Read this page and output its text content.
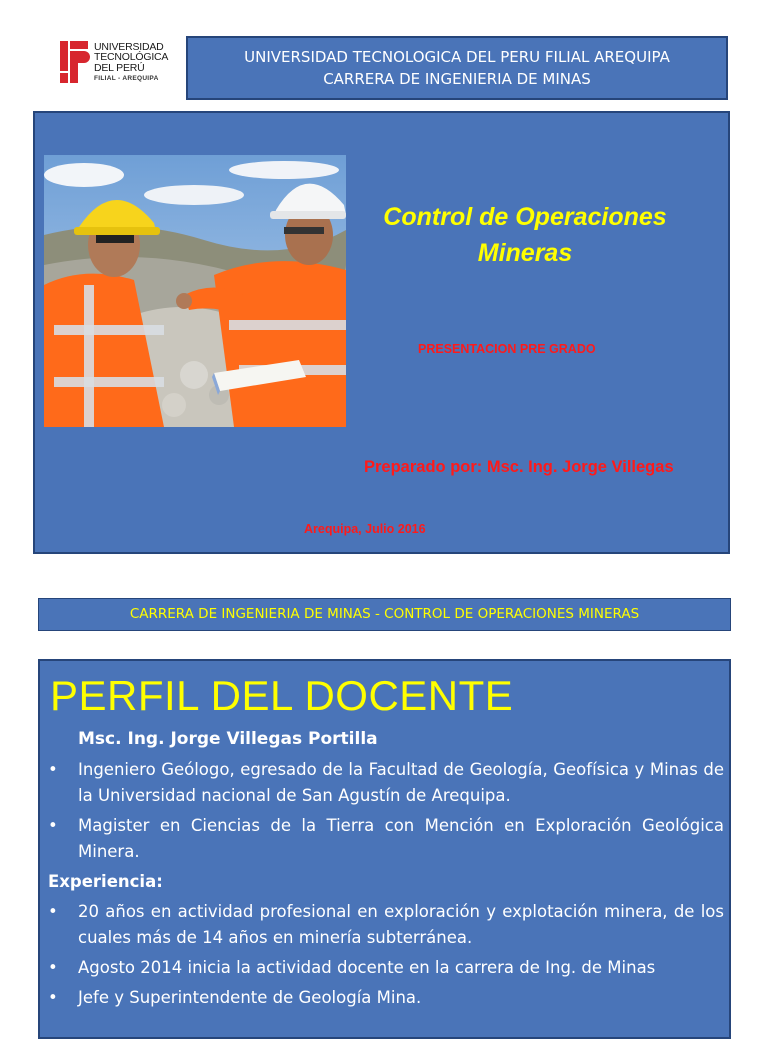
UNIVERSIDAD
TECNOLÓGICA
DEL PERÚ
FILIAL - AREQUIPA
UNIVERSIDAD TECNOLOGICA DEL PERU FILIAL AREQUIPA
CARRERA DE INGENIERIA DE MINAS
Control de Operaciones
Mineras
PRESENTACION PRE GRADO
Preparado por: Msc. Ing. Jorge Villegas
Arequipa, Julio 2016
CARRERA DE INGENIERIA DE MINAS - CONTROL DE OPERACIONES MINERAS
PERFIL DEL DOCENTE
Msc. Ing. Jorge Villegas Portilla
• Ingeniero Geólogo, egresado de la Facultad de Geología, Geofísica y Minas de la Universidad nacional de San Agustín de Arequipa.
• Magister en Ciencias de la Tierra con Mención en Exploración Geológica Minera.
Experiencia:
• 20 años en actividad profesional en exploración y explotación minera, de los cuales más de 14 años en minería subterránea.
• Agosto 2014 inicia la actividad docente en la carrera de Ing. de Minas
• Jefe y Superintendente de Geología Mina.
